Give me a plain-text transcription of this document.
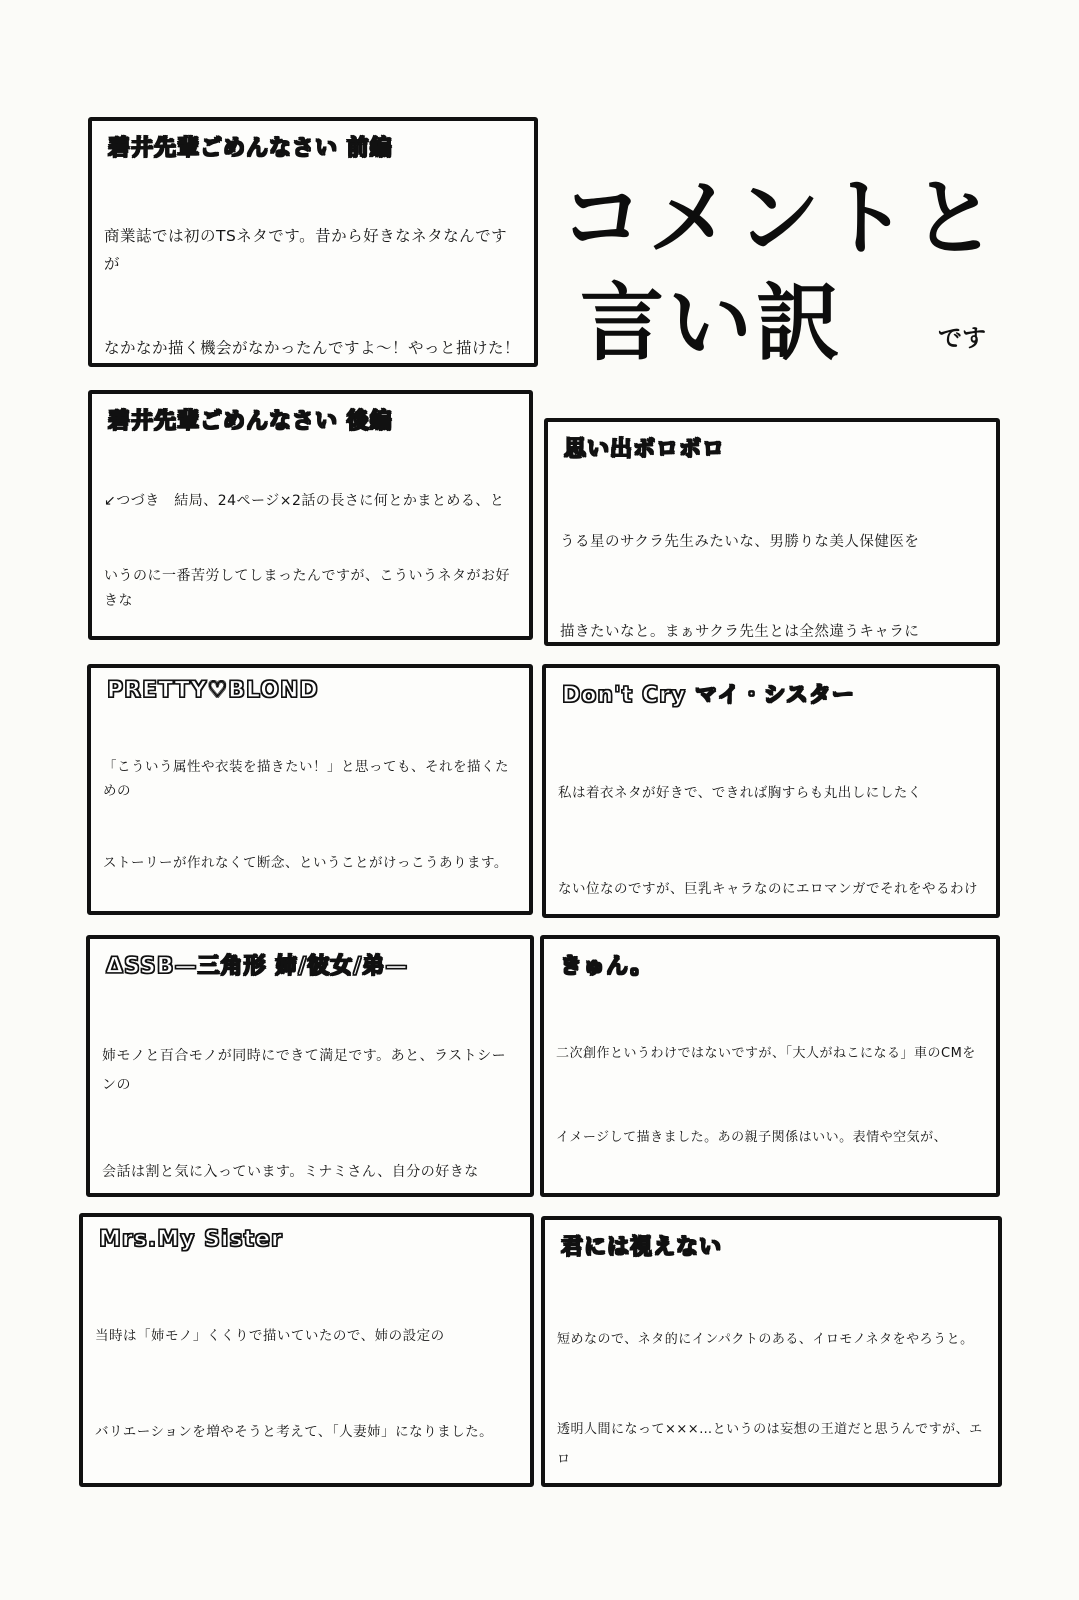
コメントと
言い訳	です
碧井先輩ごめんなさい 前編

商業誌では初のTSネタです。昔から好きなネタなんですが

なかなか描く機会がなかったんですよ〜！やっと描けた！

碧井先輩ごめんなさい 後編

↙つづき　結局、24ページ×2話の長さに何とかまとめる、と

いうのに一番苦労してしまったんですが、こういうネタがお好きな

思い出ボロボロ

うる星のサクラ先生みたいな、男勝りな美人保健医を

描きたいなと。まぁサクラ先生とは全然違うキャラに

PRETTY♡BLOND

「こういう属性や衣装を描きたい！」と思っても、それを描くための

ストーリーが作れなくて断念、ということがけっこうあります。

Don't Cry マイ・シスター

私は着衣ネタが好きで、できれば胸すらも丸出しにしたく

ない位なのですが、巨乳キャラなのにエロマンガでそれをやるわけ

ΔSSB—三角形 姉/彼女/弟—

姉モノと百合モノが同時にできて満足です。あと、ラストシーンの

会話は割と気に入っています。ミナミさん、自分の好きな

きゅん。

二次創作というわけではないですが、「大人がねこになる」車のCMを

イメージして描きました。あの親子関係はいい。表情や空気が、

Mrs.My Sister

当時は「姉モノ」くくりで描いていたので、姉の設定の

バリエーションを増やそうと考えて、「人妻姉」になりました。

君には視えない

短めなので、ネタ的にインパクトのある、イロモノネタをやろうと。

透明人間になって×××…というのは妄想の王道だと思うんですが、エロ
